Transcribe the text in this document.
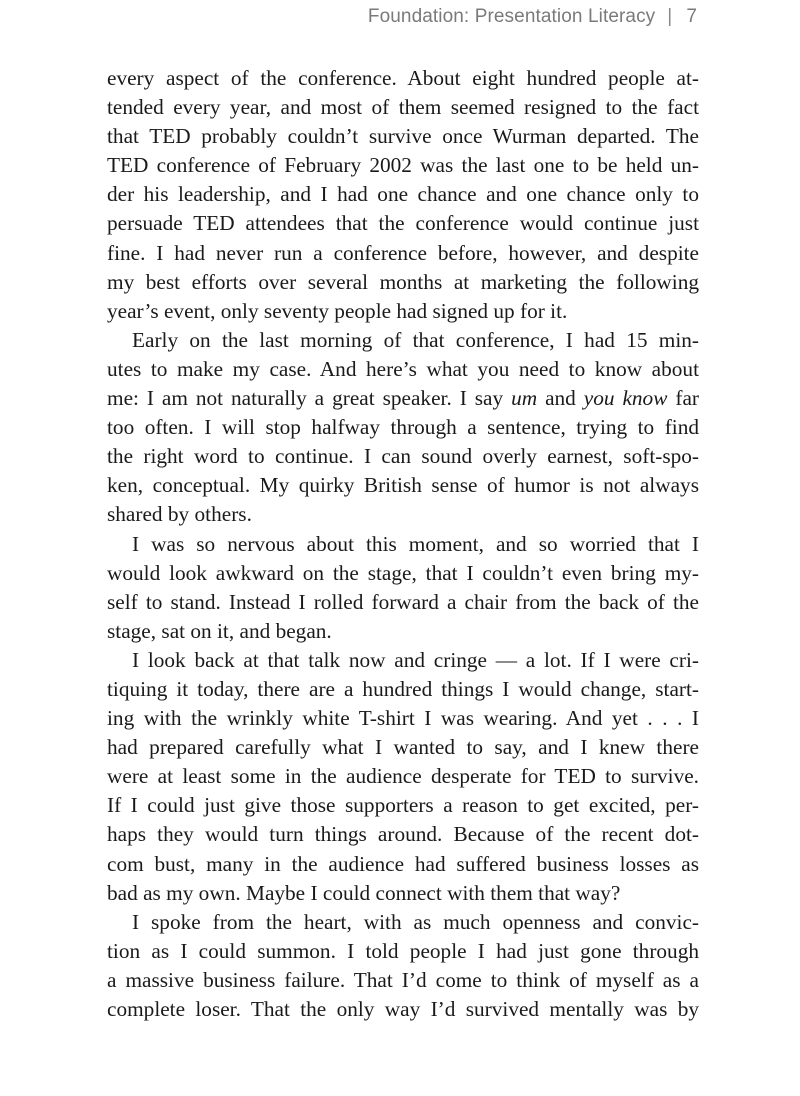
Foundation: Presentation Literacy | 7
every aspect of the conference. About eight hundred people at-
tended every year, and most of them seemed resigned to the fact
that TED probably couldn’t survive once Wurman departed. The
TED conference of February 2002 was the last one to be held un-
der his leadership, and I had one chance and one chance only to
persuade TED attendees that the conference would continue just
fine. I had never run a conference before, however, and despite
my best efforts over several months at marketing the following
year’s event, only seventy people had signed up for it.
Early on the last morning of that conference, I had 15 min-
utes to make my case. And here’s what you need to know about
me: I am not naturally a great speaker. I say um and you know far
too often. I will stop halfway through a sentence, trying to find
the right word to continue. I can sound overly earnest, soft-spo-
ken, conceptual. My quirky British sense of humor is not always
shared by others.
I was so nervous about this moment, and so worried that I
would look awkward on the stage, that I couldn’t even bring my-
self to stand. Instead I rolled forward a chair from the back of the
stage, sat on it, and began.
I look back at that talk now and cringe — a lot. If I were cri-
tiquing it today, there are a hundred things I would change, start-
ing with the wrinkly white T-shirt I was wearing. And yet . . . I
had prepared carefully what I wanted to say, and I knew there
were at least some in the audience desperate for TED to survive.
If I could just give those supporters a reason to get excited, per-
haps they would turn things around. Because of the recent dot-
com bust, many in the audience had suffered business losses as
bad as my own. Maybe I could connect with them that way?
I spoke from the heart, with as much openness and convic-
tion as I could summon. I told people I had just gone through
a massive business failure. That I’d come to think of myself as a
complete loser. That the only way I’d survived mentally was by
